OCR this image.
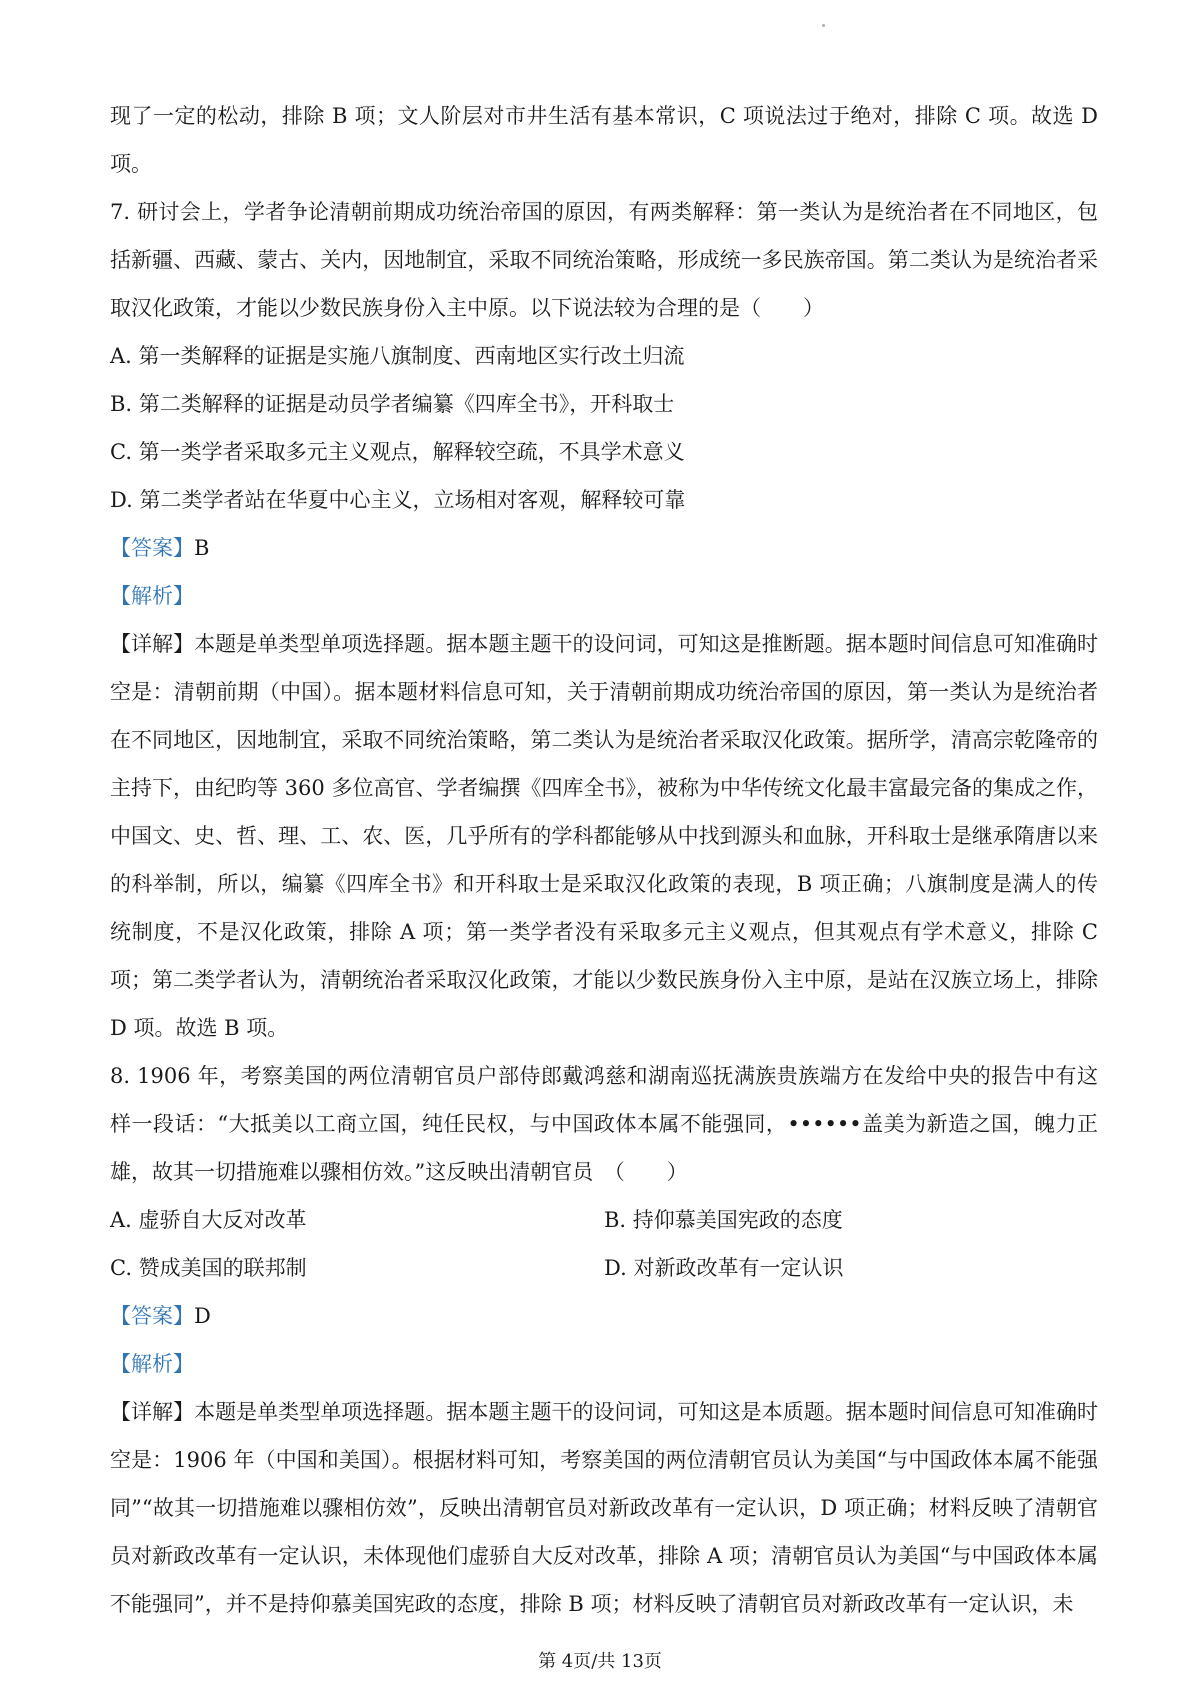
现了一定的松动，排除 B 项；文人阶层对市井生活有基本常识，C 项说法过于绝对，排除 C 项。故选 D 项。

7. 研讨会上，学者争论清朝前期成功统治帝国的原因，有两类解释：第一类认为是统治者在不同地区，包括新疆、西藏、蒙古、关内，因地制宜，采取不同统治策略，形成统一多民族帝国。第二类认为是统治者采取汉化政策，才能以少数民族身份入主中原。以下说法较为合理的是（　　）

A. 第一类解释的证据是实施八旗制度、西南地区实行改土归流
B. 第二类解释的证据是动员学者编纂《四库全书》，开科取士
C. 第一类学者采取多元主义观点，解释较空疏，不具学术意义
D. 第二类学者站在华夏中心主义，立场相对客观，解释较可靠

【答案】B

【解析】

【详解】本题是单类型单项选择题。据本题主题干的设问词，可知这是推断题。据本题时间信息可知准确时空是：清朝前期（中国）。据本题材料信息可知，关于清朝前期成功统治帝国的原因，第一类认为是统治者在不同地区，因地制宜，采取不同统治策略，第二类认为是统治者采取汉化政策。据所学，清高宗乾隆帝的主持下，由纪昀等 360 多位高官、学者编撰《四库全书》，被称为中华传统文化最丰富最完备的集成之作，中国文、史、哲、理、工、农、医，几乎所有的学科都能够从中找到源头和血脉，开科取士是继承隋唐以来的科举制，所以，编纂《四库全书》和开科取士是采取汉化政策的表现，B 项正确；八旗制度是满人的传统制度，不是汉化政策，排除 A 项；第一类学者没有采取多元主义观点，但其观点有学术意义，排除 C 项；第二类学者认为，清朝统治者采取汉化政策，才能以少数民族身份入主中原，是站在汉族立场上，排除 D 项。故选 B 项。

8. 1906 年，考察美国的两位清朝官员户部侍郎戴鸿慈和湖南巡抚满族贵族端方在发给中央的报告中有这样一段话：“大抵美以工商立国，纯任民权，与中国政体本属不能强同，••••••盖美为新造之国，魄力正雄，故其一切措施难以骤相仿效。”这反映出清朝官员　（　　）

A. 虚骄自大反对改革	B. 持仰慕美国宪政的态度
C. 赞成美国的联邦制	D. 对新政改革有一定认识

【答案】D

【解析】

【详解】本题是单类型单项选择题。据本题主题干的设问词，可知这是本质题。据本题时间信息可知准确时空是：1906 年（中国和美国）。根据材料可知，考察美国的两位清朝官员认为美国“与中国政体本属不能强同”“故其一切措施难以骤相仿效”，反映出清朝官员对新政改革有一定认识，D 项正确；材料反映了清朝官员对新政改革有一定认识，未体现他们虚骄自大反对改革，排除 A 项；清朝官员认为美国“与中国政体本属不能强同”，并不是持仰慕美国宪政的态度，排除 B 项；材料反映了清朝官员对新政改革有一定认识，未

第 4页/共 13页
